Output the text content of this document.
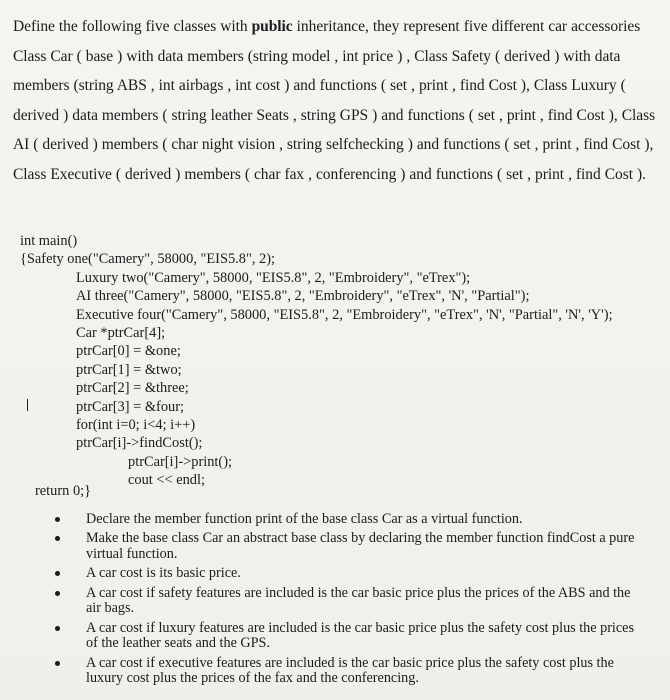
Define the following five classes with public inheritance, they represent five different car accessories Class Car ( base ) with data members (string model , int price ) , Class Safety ( derived ) with data members (string ABS , int airbags , int cost ) and functions ( set , print , find Cost ), Class Luxury ( derived ) data members ( string leather Seats , string GPS ) and functions ( set , print , find Cost ), Class AI ( derived ) members ( char night vision , string selfchecking ) and functions ( set , print , find Cost ), Class Executive ( derived ) members ( char fax , conferencing ) and functions ( set , print , find Cost ).

int main()
{Safety one("Camery", 58000, "EIS5.8", 2);
Luxury two("Camery", 58000, "EIS5.8", 2, "Embroidery", "eTrex");
AI three("Camery", 58000, "EIS5.8", 2, "Embroidery", "eTrex", 'N', "Partial");
Executive four("Camery", 58000, "EIS5.8", 2, "Embroidery", "eTrex", 'N', "Partial", 'N', 'Y');
Car *ptrCar[4];
ptrCar[0] = &one;
ptrCar[1] = &two;
ptrCar[2] = &three;
ptrCar[3] = &four;
for(int i=0; i<4; i++)
ptrCar[i]->findCost();
ptrCar[i]->print();
cout << endl;
return 0;}
Declare the member function print of the base class Car as a virtual function.
Make the base class Car an abstract base class by declaring the member function findCost a pure virtual function.
A car cost is its basic price.
A car cost if safety features are included is the car basic price plus the prices of the ABS and the air bags.
A car cost if luxury features are included is the car basic price plus the safety cost plus the prices of the leather seats and the GPS.
A car cost if executive features are included is the car basic price plus the safety cost plus the luxury cost plus the prices of the fax and the conferencing.
